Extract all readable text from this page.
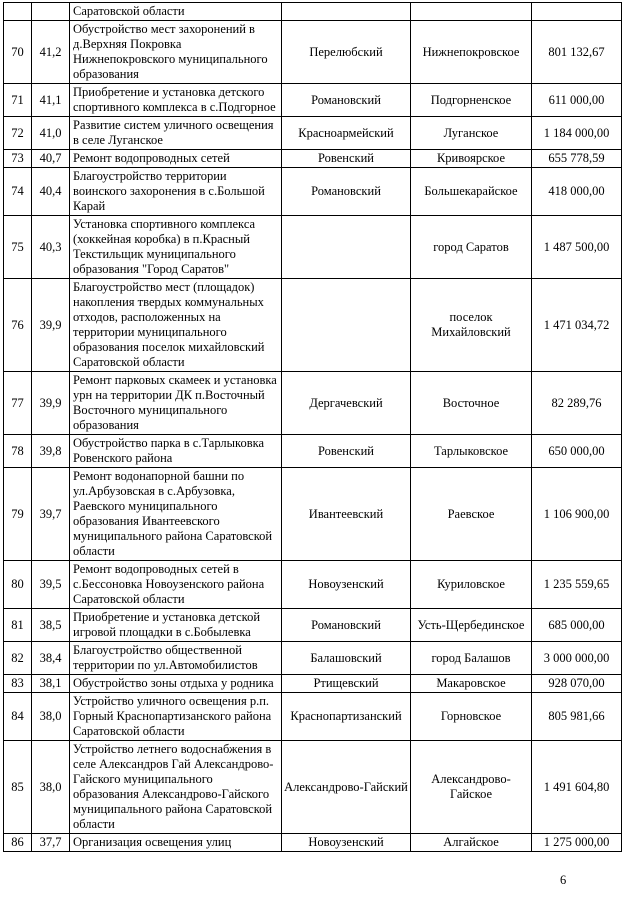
		Саратовской области			
70	41,2	Обустройство мест захоронений в д.Верхняя Покровка Нижнепокровского муниципального образования	Перелюбский	Нижнепокровское	801 132,67
71	41,1	Приобретение и установка детского спортивного комплекса в с.Подгорное	Романовский	Подгорненское	611 000,00
72	41,0	Развитие систем уличного освещения в селе Луганское	Красноармейский	Луганское	1 184 000,00
73	40,7	Ремонт водопроводных сетей	Ровенский	Кривоярское	655 778,59
74	40,4	Благоустройство территории воинского захоронения в с.Большой Карай	Романовский	Большекарайское	418 000,00
75	40,3	Установка спортивного комплекса (хоккейная коробка) в п.Красный Текстильщик муниципального образования "Город Саратов"		город Саратов	1 487 500,00
76	39,9	Благоустройство мест (площадок) накопления твердых коммунальных отходов, расположенных на территории муниципального образования поселок михайловский Саратовской области		поселок Михайловский	1 471 034,72
77	39,9	Ремонт парковых скамеек и установка урн на территории ДК п.Восточный Восточного муниципального образования	Дергачевский	Восточное	82 289,76
78	39,8	Обустройство парка в с.Тарлыковка Ровенского района	Ровенский	Тарлыковское	650 000,00
79	39,7	Ремонт водонапорной башни по ул.Арбузовская в с.Арбузовка, Раевского муниципального образования Ивантеевского муниципального района Саратовской области	Ивантеевский	Раевское	1 106 900,00
80	39,5	Ремонт водопроводных сетей в с.Бессоновка Новоузенского района Саратовской области	Новоузенский	Куриловское	1 235 559,65
81	38,5	Приобретение и установка детской игровой площадки в с.Бобылевка	Романовский	Усть-Щербединское	685 000,00
82	38,4	Благоустройство общественной территории по ул.Автомобилистов	Балашовский	город Балашов	3 000 000,00
83	38,1	Обустройство зоны отдыха у родника	Ртищевский	Макаровское	928 070,00
84	38,0	Устройство уличного освещения р.п. Горный Краснопартизанского района Саратовской области	Краснопартизанский	Горновское	805 981,66
85	38,0	Устройство летнего водоснабжения в селе Александров Гай Александрово-Гайского муниципального образования Александрово-Гайского муниципального района Саратовской области	Александрово-Гайский	Александрово-Гайское	1 491 604,80
86	37,7	Организация освещения улиц	Новоузенский	Алгайское	1 275 000,00
6
